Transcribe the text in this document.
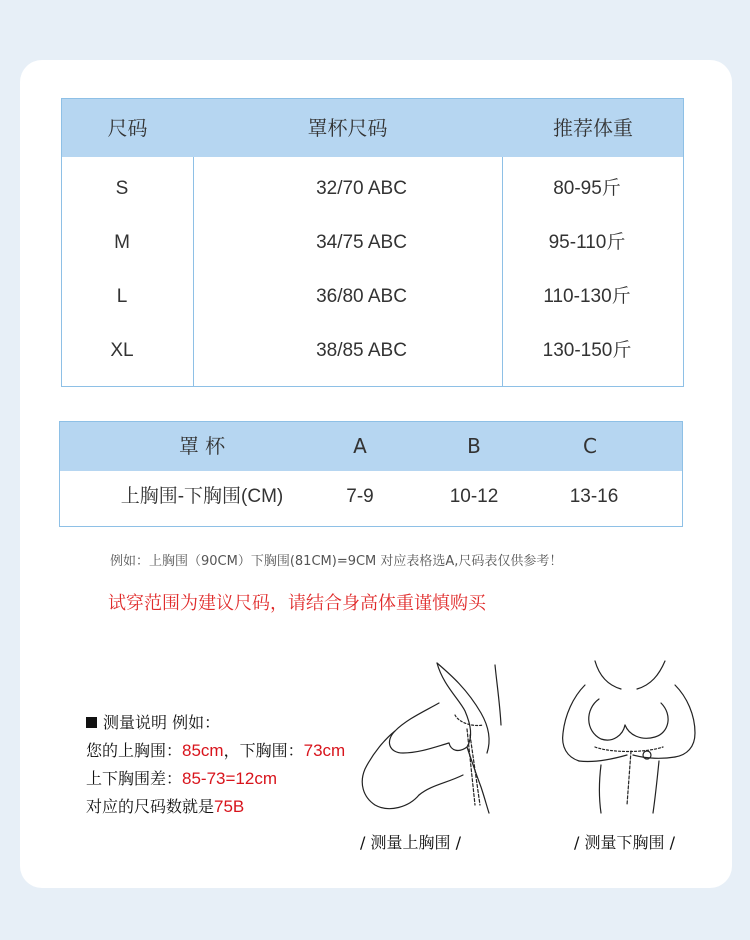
尺码	罩杯尺码	推荐体重
S	32/70 ABC	80-95斤
M	34/75 ABC	95-110斤
L	36/80 ABC	110-130斤
XL	38/85 ABC	130-150斤
罩 杯	A	B	C
上胸围-下胸围(CM)	7-9	10-12	13-16
例如：上胸围（90CM）下胸围(81CM)=9CM 对应表格选A,尺码表仅供参考！
试穿范围为建议尺码，请结合身高体重谨慎购买
测量说明 例如：
您的上胸围：85cm，下胸围：73cm
上下胸围差：85-73=12cm
对应的尺码数就是75B
/ 测量上胸围 /	/ 测量下胸围 /
